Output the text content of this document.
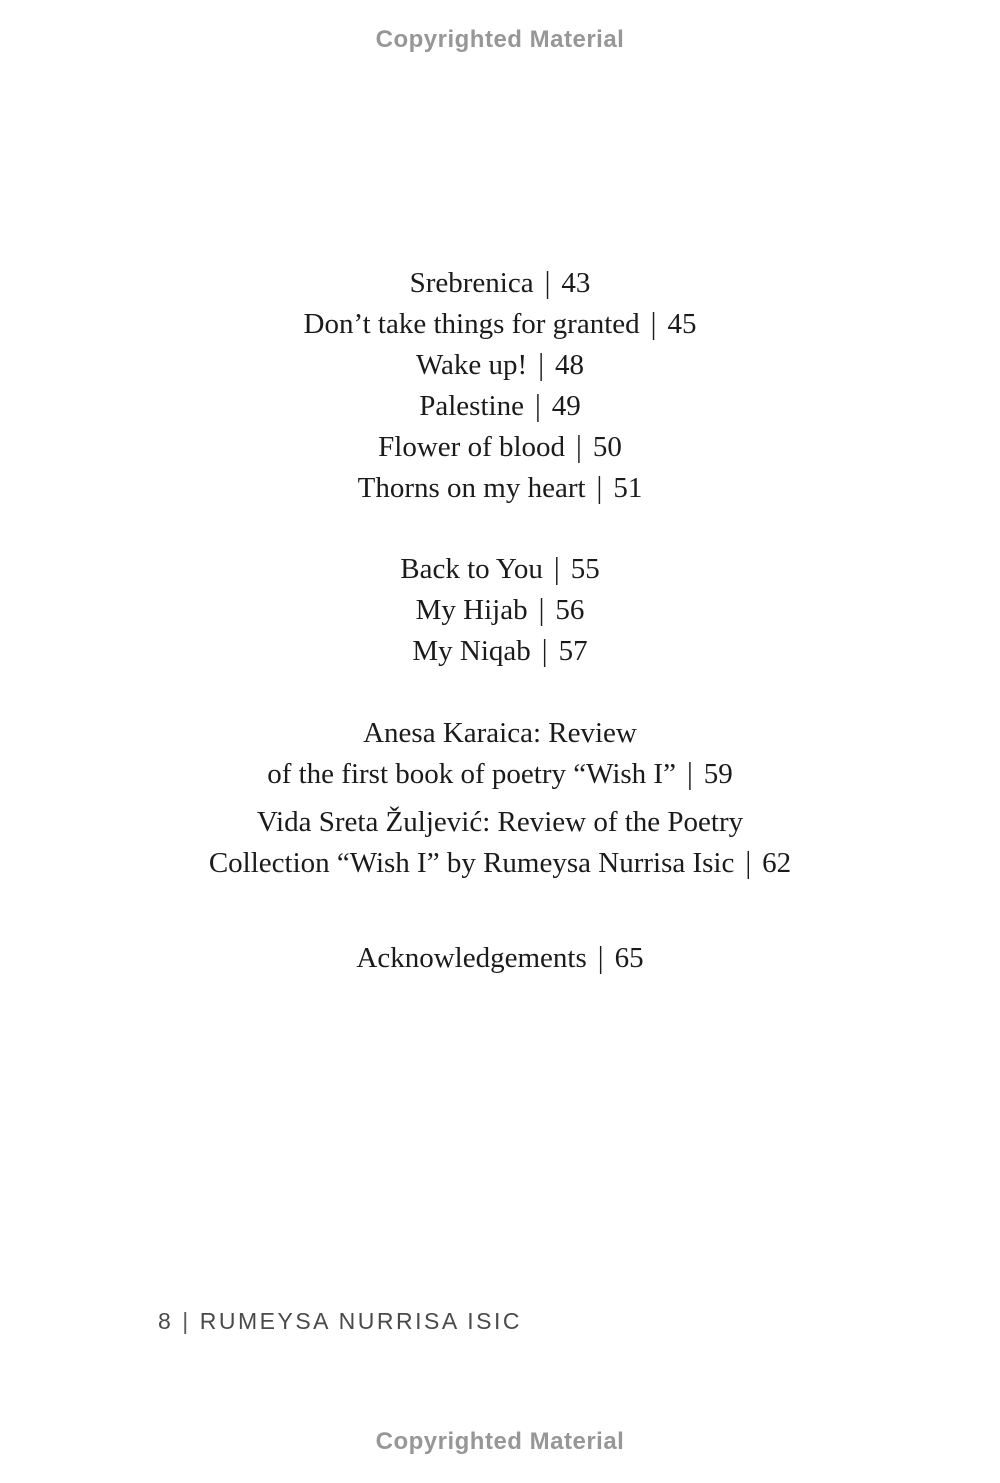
Copyrighted Material

Srebrenica | 43

Don’t take things for granted | 45

Wake up! | 48

Palestine | 49

Flower of blood | 50

Thorns on my heart | 51

Back to You | 55

My Hijab | 56

My Niqab | 57

Anesa Karaica: Review

of the first book of poetry “Wish I” | 59

Vida Sreta Žuljević: Review of the Poetry

Collection “Wish I” by Rumeysa Nurrisa Isic | 62

Acknowledgements | 65

8 | RUMEYSA NURRISA ISIC
Copyrighted Material
